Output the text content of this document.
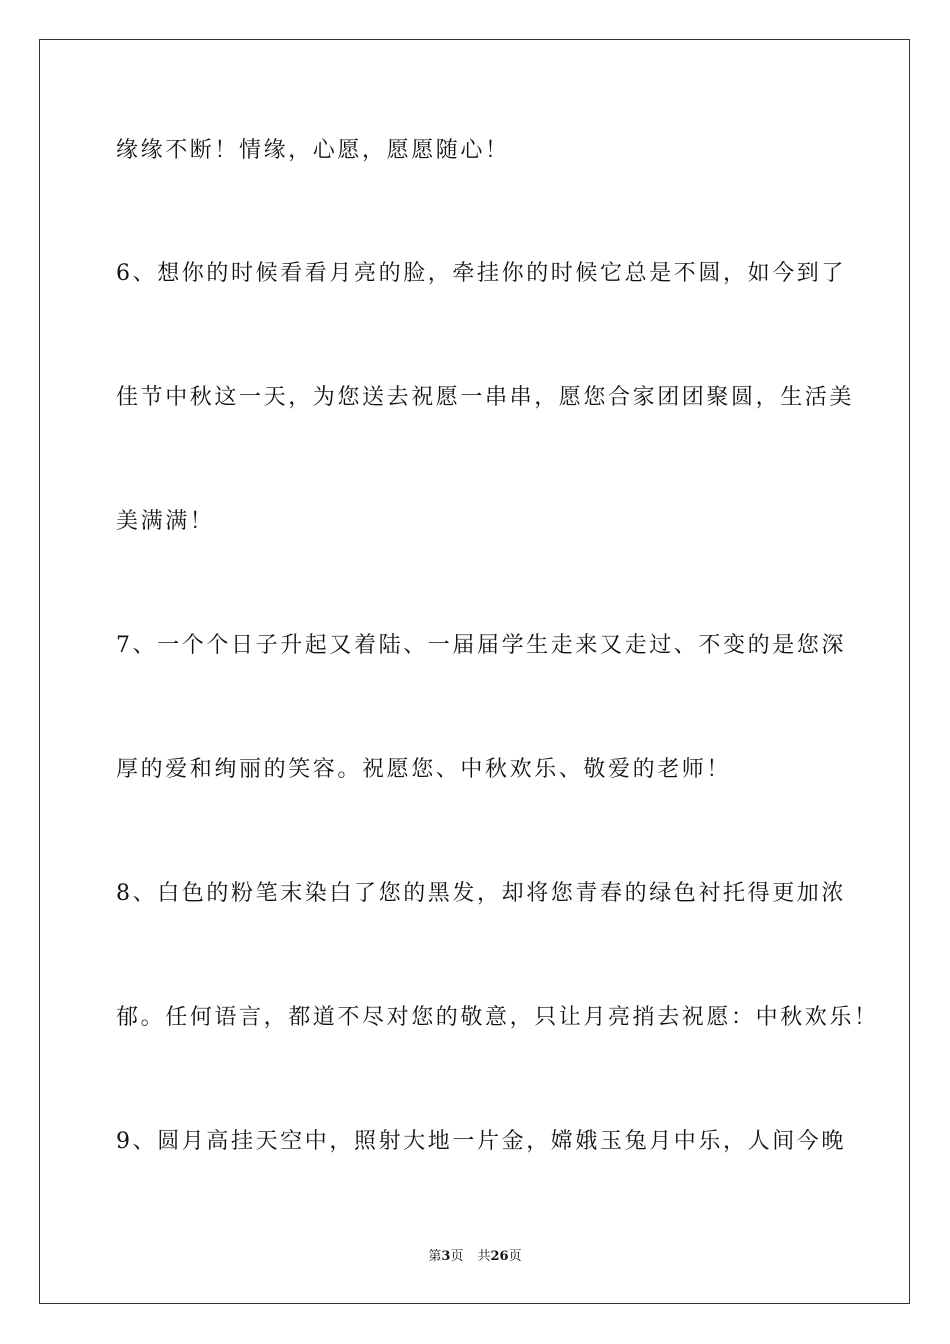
缘缘不断！情缘，心愿，愿愿随心！
6、想你的时候看看月亮的脸，牵挂你的时候它总是不圆，如今到了
佳节中秋这一天，为您送去祝愿一串串，愿您合家团团聚圆，生活美
美满满！
7、一个个日子升起又着陆、一届届学生走来又走过、不变的是您深
厚的爱和绚丽的笑容。祝愿您、中秋欢乐、敬爱的老师！
8、白色的粉笔末染白了您的黑发，却将您青春的绿色衬托得更加浓
郁。任何语言，都道不尽对您的敬意，只让月亮捎去祝愿：中秋欢乐！
9、圆月高挂天空中，照射大地一片金，嫦娥玉兔月中乐，人间今晚
第3页 共26页
